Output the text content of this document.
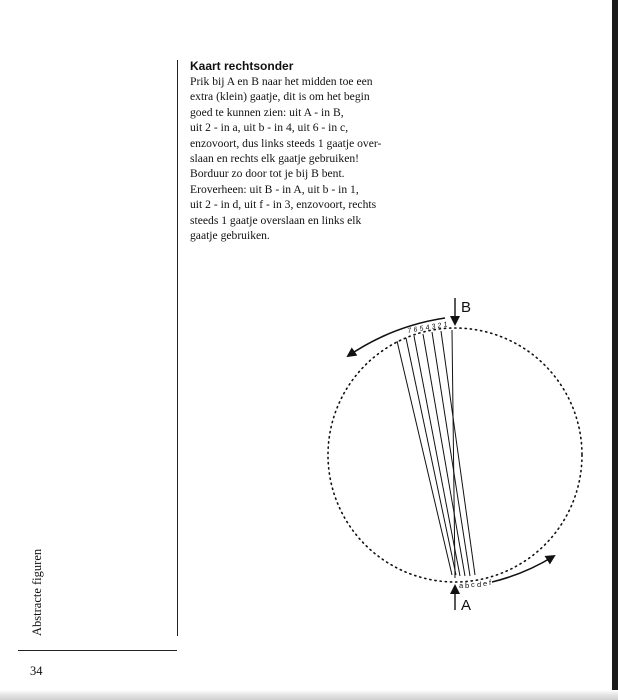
Abstracte figuren
34

Kaart rechtsonder

Prik bij A en B naar het midden toe een

extra (klein) gaatje, dit is om het begin

goed te kunnen zien: uit A - in B,

uit 2 - in a, uit b - in 4, uit 6 - in c,

enzovoort, dus links steeds 1 gaatje over-

slaan en rechts elk gaatje gebruiken!

Borduur zo door tot je bij B bent.

Eroverheen: uit B - in A, uit b - in 1,

uit 2 - in d, uit f - in 3, enzovoort, rechts

steeds 1 gaatje overslaan en links elk

gaatje gebruiken.

B
A
7 6 5 4 3 2 1
a b c d e f
